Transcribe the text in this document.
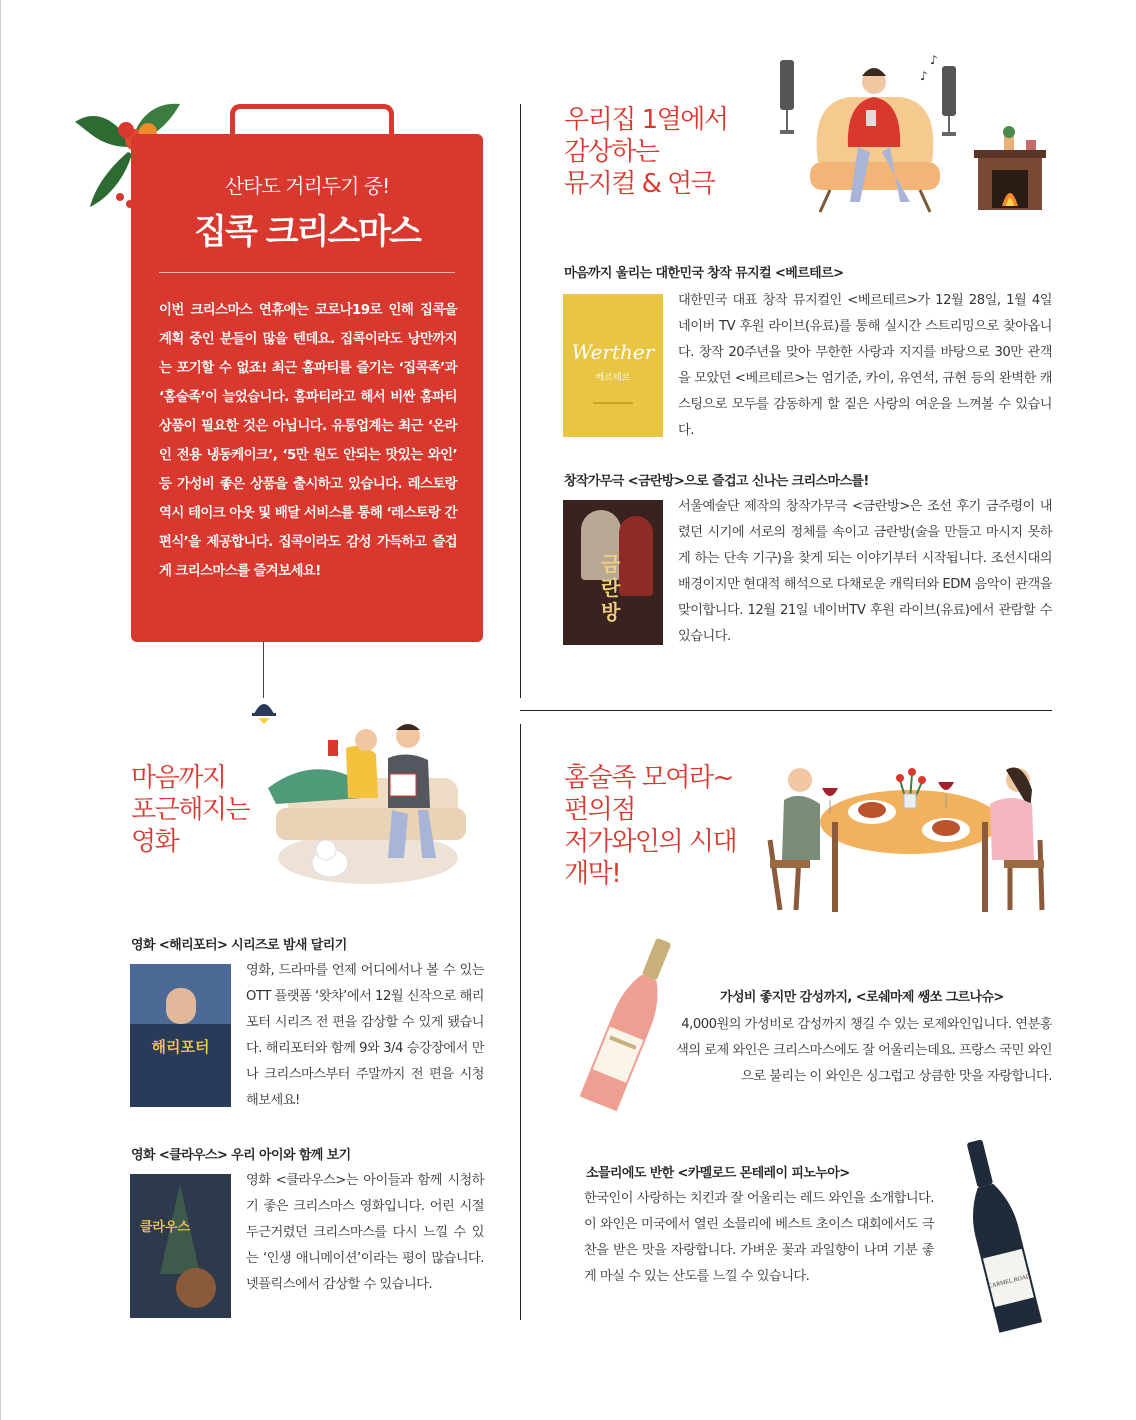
산타도 거리두기 중!
집콕 크리스마스
이번 크리스마스 연휴에는 코로나19로 인해 집콕을 계획 중인 분들이 많을 텐데요. 집콕이라도 낭만까지는 포기할 수 없죠! 최근 홈파티를 즐기는 ‘집콕족’과 ‘홈술족’이 늘었습니다. 홈파티라고 해서 비싼 홈파티 상품이 필요한 것은 아닙니다. 유통업계는 최근 ‘온라인 전용 냉동케이크’, ‘5만 원도 안되는 맛있는 와인’ 등 가성비 좋은 상품을 출시하고 있습니다. 레스토랑 역시 테이크 아웃 및 배달 서비스를 통해 ‘레스토랑 간편식’을 제공합니다. 집콕이라도 감성 가득하고 즐겁게 크리스마스를 즐겨보세요!
우리집 1열에서
감상하는
뮤지컬 & 연극
♪
♪
마음까지 울리는 대한민국 창작 뮤지컬 <베르테르>
Werther
베르테르
대한민국 대표 창작 뮤지컬인 <베르테르>가 12월 28일, 1월 4일 네이버 TV 후원 라이브(유료)를 통해 실시간 스트리밍으로 찾아옵니다. 창작 20주년을 맞아 무한한 사랑과 지지를 바탕으로 30만 관객을 모았던 <베르테르>는 엄기준, 카이, 유연석, 규현 등의 완벽한 캐스팅으로 모두를 감동하게 할 짙은 사랑의 여운을 느껴볼 수 있습니다.
창작가무극 <금란방>으로 즐겁고 신나는 크리스마스를!
금란방
서울예술단 제작의 창작가무극 <금란방>은 조선 후기 금주령이 내렸던 시기에 서로의 정체를 속이고 금란방(술을 만들고 마시지 못하게 하는 단속 기구)을 찾게 되는 이야기부터 시작됩니다. 조선시대의 배경이지만 현대적 해석으로 다채로운 캐릭터와 EDM 음악이 관객을 맞이합니다. 12월 21일 네이버TV 후원 라이브(유료)에서 관람할 수 있습니다.
마음까지
포근해지는
영화
영화 <해리포터> 시리즈로 밤새 달리기
해리포터
영화, 드라마를 언제 어디에서나 볼 수 있는 OTT 플랫폼 ‘왓챠’에서 12월 신작으로 해리포터 시리즈 전 편을 감상할 수 있게 됐습니다. 해리포터와 함께 9와 3/4 승강장에서 만나 크리스마스부터 주말까지 전 편을 시청해보세요!
영화 <클라우스> 우리 아이와 함께 보기
클라우스
영화 <클라우스>는 아이들과 함께 시청하기 좋은 크리스마스 영화입니다. 어린 시절 두근거렸던 크리스마스를 다시 느낄 수 있는 ‘인생 애니메이션’이라는 평이 많습니다. 넷플릭스에서 감상할 수 있습니다.
홈술족 모여라~
편의점
저가와인의 시대
개막!
가성비 좋지만 감성까지, <로쉐마제 쌩쏘 그르나슈>
4,000원의 가성비로 감성까지 챙길 수 있는 로제와인입니다. 연분홍색의 로제 와인은 크리스마스에도 잘 어울리는데요. 프랑스 국민 와인으로 불리는 이 와인은 싱그럽고 상큼한 맛을 자랑합니다.
소믈리에도 반한 <카멜로드 몬테레이 피노누아>
한국인이 사랑하는 치킨과 잘 어울리는 레드 와인을 소개합니다. 이 와인은 미국에서 열린 소믈리에 베스트 초이스 대회에서도 극찬을 받은 맛을 자랑합니다. 가벼운 꽃과 과일향이 나며 기분 좋게 마실 수 있는 산도를 느낄 수 있습니다.	CARMEL ROAD
